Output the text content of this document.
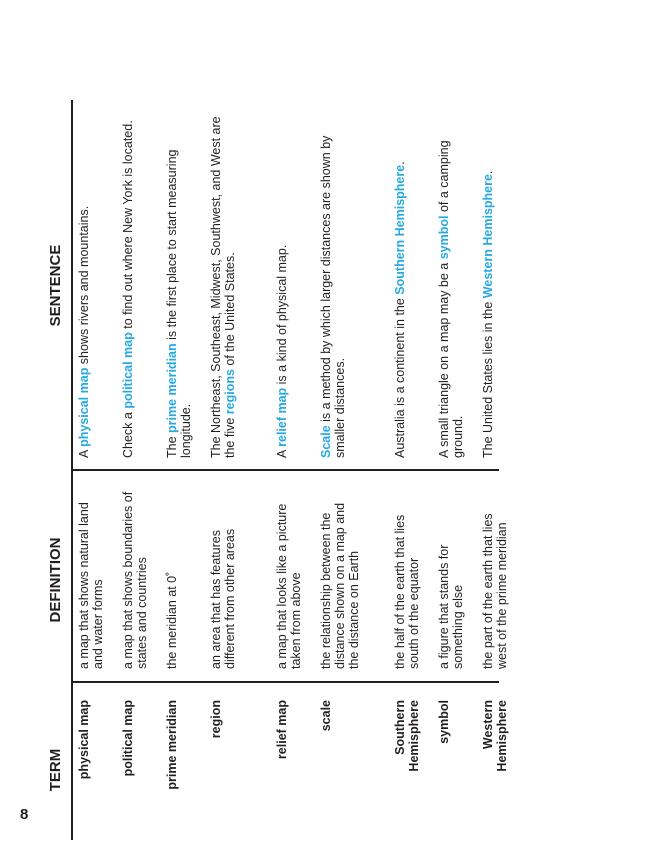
8
TERM
DEFINITION
SENTENCE
physical map
a map that shows natural land and water forms
A physical map shows rivers and mountains.
political map
a map that shows boundaries of states and countries
Check a political map to find out where New York is located.
prime meridian
the meridian at 0˚
The prime meridian is the first place to start measuring longitude.
region
an area that has features different from other areas
The Northeast, Southeast, Midwest, Southwest, and West are the five regions of the United States.
relief map
a map that looks like a picture taken from above
A relief map is a kind of physical map.
scale
the relationship between the distance shown on a map and the distance on Earth
Scale is a method by which larger distances are shown by smaller distances.
Southern Hemisphere
the half of the earth that lies south of the equator
Australia is a continent in the Southern Hemisphere.
symbol
a figure that stands for something else
A small triangle on a map may be a symbol of a camping ground.
Western Hemisphere
the part of the earth that lies west of the prime meridian
The United States lies in the Western Hemisphere.
